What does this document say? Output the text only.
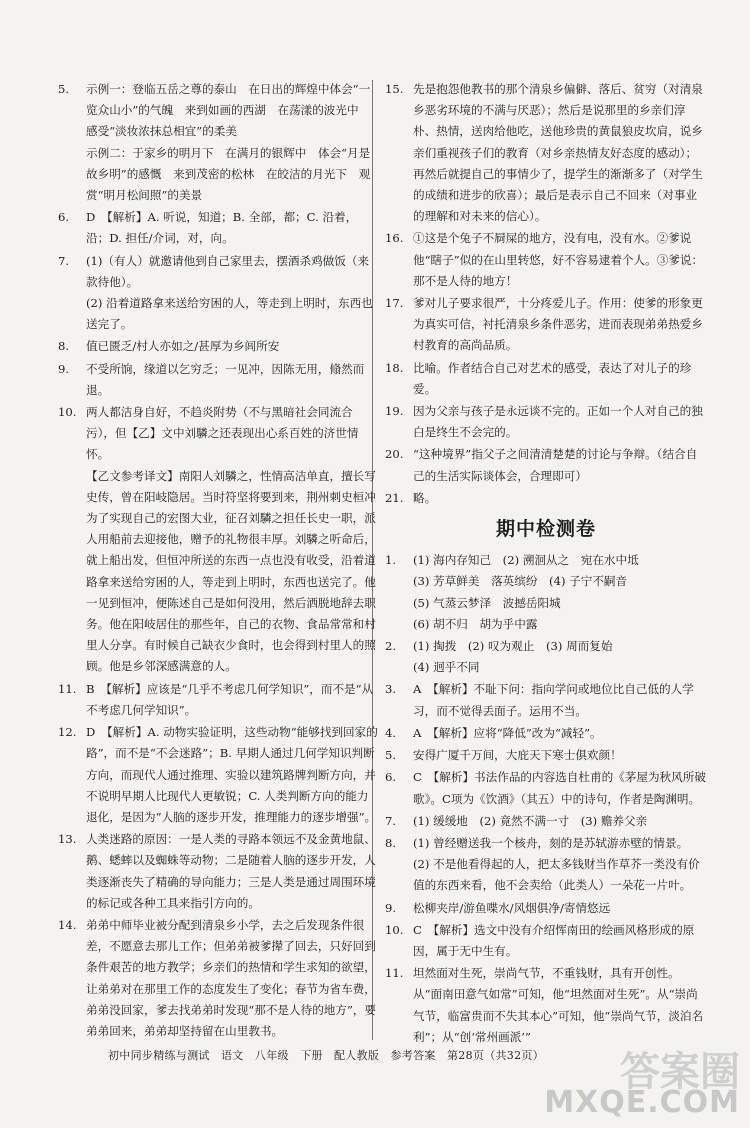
5.	示例一：登临五岳之尊的泰山　在日出的辉煌中体会“一览众山小”的气魄　来到如画的西湖　在荡漾的波光中　感受“淡妆浓抹总相宜”的柔美
示例二：于家乡的明月下　在满月的银辉中　体会“月是故乡明”的感慨　来到茂密的松林　在皎洁的月光下　观赏“明月松间照”的美景
6.	D　【解析】A. 听说，知道；B. 全部，都；C. 沿着，沿；D. 担任/介词，对，向。
7.	(1)（有人）就邀请他到自己家里去，摆酒杀鸡做饭（来款待他）。
(2) 沿着道路拿来送给穷困的人，等走到上明时，东西也送完了。
8.	值已匮乏/村人亦如之/甚厚为乡闾所安
9.	不受所饷，缘道以乞穷乏；一见冲，因陈无用，翛然而退。
10. 两人都洁身自好，不趋炎附势（不与黑暗社会同流合污），但【乙】文中刘驎之还表现出心系百姓的济世情怀。
【乙文参考译文】南阳人刘驎之，性情高洁单直，擅长写史传，曾在阳岐隐居。当时符坚将要到来，荆州刺史桓冲为了实现自己的宏图大业，征召刘驎之担任长史一职，派人用船前去迎接他，赠予的礼物很丰厚。刘驎之听命后，就上船出发，但恒冲所送的东西一点也没有收受，沿着道路拿来送给穷困的人，等走到上明时，东西也送完了。他一见到恒冲，便陈述自己是如何没用，然后洒脱地辞去职务。他在阳岐居住的那些年，自己的衣物、食品常常和村里人分享。有时候自己缺衣少食时，也会得到村里人的照顾。他是乡邻深感满意的人。
11. B　【解析】应该是“几乎不考虑几何学知识”，而不是“从不考虑几何学知识”。
12. D　【解析】A. 动物实验证明，这些动物“能够找到回家的路”，而不是“不会迷路”；B. 早期人通过几何学知识判断方向，而现代人通过推理、实验以建筑路牌判断方向，并不说明早期人比现代人更敏锐；C. 人类判断方向的能力退化，是因为“人脑的逐步开发，推理能力的逐步增强”。
13. 人类迷路的原因：一是人类的寻路本领远不及金黄地鼠、鹅、蟋蟀以及蜘蛛等动物；二是随着人脑的逐步开发，人类逐渐丧失了精确的导向能力；三是人类是通过周围环境的标记或各种工具来指引方向的。
14. 弟弟中师毕业被分配到清泉乡小学，去之后发现条件很差，不愿意去那儿工作；但弟弟被爹撵了回去，只好回到条件艰苦的地方教学；乡亲们的热情和学生求知的欲望，让弟弟对在那里工作的态度发生了变化；春节为省车费，弟弟没回家，爹去找弟弟时发现“那不是人待的地方”，要弟弟回来，弟弟却坚持留在山里教书。
15. 先是抱怨他教书的那个清泉乡偏僻、落后、贫穷（对清泉乡恶劣环境的不满与厌恶）；然后是说那里的乡亲们淳朴、热情，送肉给他吃，送他珍贵的黄鼠狼皮坎肩，说乡亲们重视孩子们的教育（对乡亲热情友好态度的感动）；再然后就提自己的事情少了，提学生的渐渐多了（对学生的成绩和进步的欣喜）；最后是表示自己不回来（对事业的理解和对未来的信心）。
16. ①这是个兔子不屙屎的地方，没有电，没有水。②爹说他“瞎子”似的在山里转悠，好不容易逮着个人。③爹说：那不是人待的地方！
17. 爹对儿子要求很严，十分疼爱儿子。作用：使爹的形象更为真实可信，衬托清泉乡条件恶劣，进而表现弟弟热爱乡村教育的高尚品质。
18. 比喻。作者结合自己对艺术的感受，表达了对儿子的珍爱。
19. 因为父亲与孩子是永远谈不完的。正如一个人对自己的独白是终生不会完的。
20. “这种境界”指父子之间清清楚楚的讨论与争辩。（结合自己的生活实际谈体会，合理即可）
21. 略。
期中检测卷
1.	(1) 海内存知己　(2) 溯洄从之　宛在水中坻
(3) 芳草鲜美　落英缤纷　(4) 子宁不嗣音
(5) 气蒸云梦泽　波撼岳阳城
(6) 胡不归　胡为乎中露
2.	(1) 掏拨　(2) 叹为观止　(3) 周而复始
(4) 迥乎不同
3.	A　【解析】不耻下问：指向学问或地位比自己低的人学习，而不觉得丢面子。运用不当。
4.	A　【解析】应将“降低”改为“减轻”。
5.	安得广厦千万间，大庇天下寒士俱欢颜！
6.	C　【解析】书法作品的内容选自杜甫的《茅屋为秋风所破歌》。C项为《饮酒》（其五）中的诗句，作者是陶渊明。
7.	(1) 缓缓地　(2) 竟然不满一寸　(3) 赡养父亲
8.	(1) 曾经赠送我一个核舟，刻的是苏轼游赤壁的情景。
(2) 不是他看得起的人，把太多钱财当作草芥一类没有价值的东西来看，他不会卖给（此类人）一朵花一片叶。
9.	松柳夹岸/游鱼喋水/风烟俱净/寄情悠远
10. C　【解析】选文中没有介绍恽南田的绘画风格形成的原因，属于无中生有。
11. 坦然面对生死，崇尚气节，不重钱财，具有开创性。从“面南田意气如常”可知，他“坦然面对生死”。从“崇尚气节，临富贵而不失其本心”可知，他“崇尚气节，淡泊名利”；从“创‘常州画派’”
初中同步精练与测试　语文　八年级　下册　配人教版　参考答案　第28页（共32页） 答案圈
MXQE.COM
